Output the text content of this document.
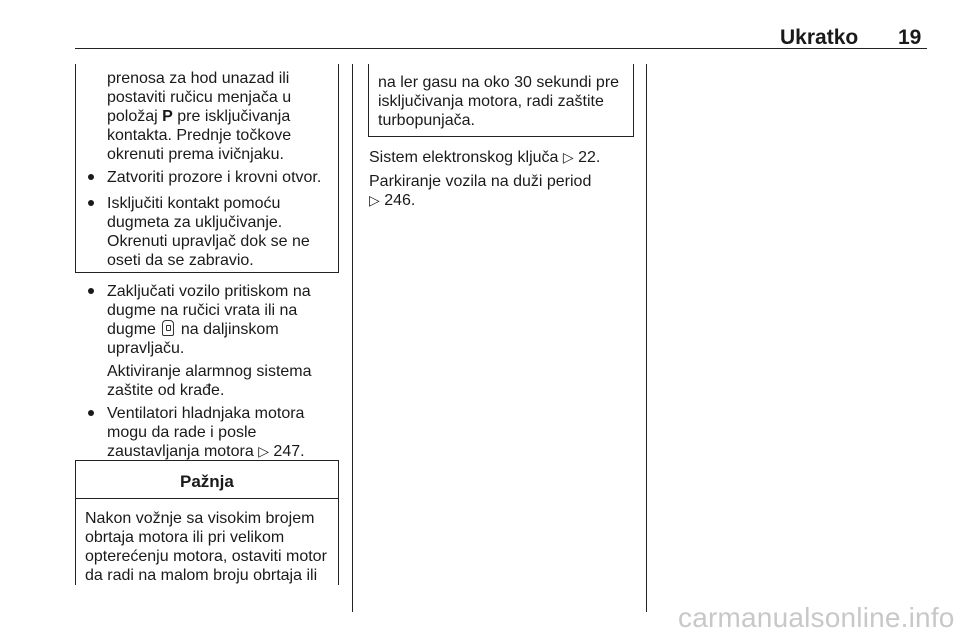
Ukratko 19

prenosa za hod unazad ili

postaviti ručicu menjača u

položaj P pre isključivanja

kontakta. Prednje točkove

okrenuti prema ivičnjaku.

Zatvoriti prozore i krovni otvor.

Isključiti kontakt pomoću

dugmeta za uključivanje.

Okrenuti upravljač dok se ne

oseti da se zabravio.

Zaključati vozilo pritiskom na

dugme na ručici vrata ili na

dugme  na daljinskom

upravljaču.

Aktiviranje alarmnog sistema

zaštite od krađe.

Ventilatori hladnjaka motora

mogu da rade i posle

zaustavljanja motora ▷ 247.

Pažnja

Nakon vožnje sa visokim brojem

obrtaja motora ili pri velikom

opterećenju motora, ostaviti motor

da radi na malom broju obrtaja ili

na ler gasu na oko 30 sekundi pre

isključivanja motora, radi zaštite

turbopunjača.

Sistem elektronskog ključa ▷ 22.

Parkiranje vozila na duži period

▷ 246.

carmanualsonline.info
